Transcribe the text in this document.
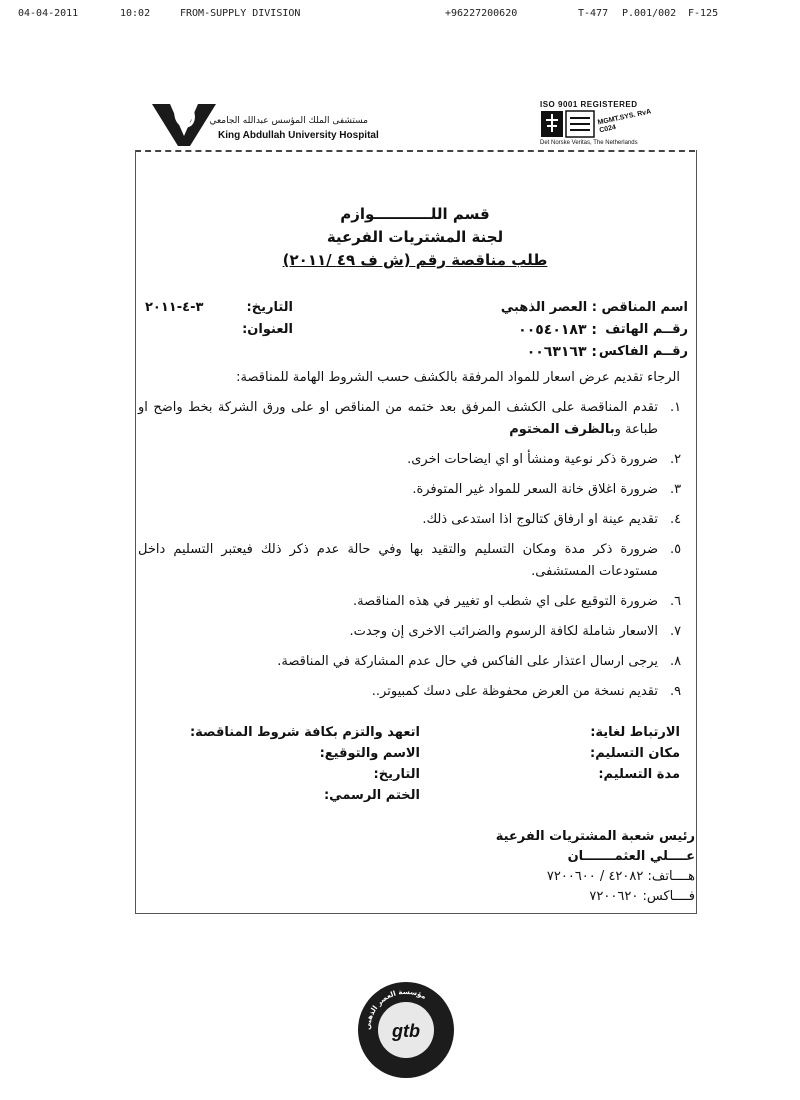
04-04-2011	10:02	FROM-SUPPLY DIVISION	+96227200620	T-477 P.001/002 F-125
مستشفى الملك المؤسس عبدالله الجامعي
King Abdullah University Hospital
ISO 9001 REGISTERED
MGMT.SYS. RvA C024
Det Norske Veritas, The Netherlands
قسم اللـــــــــــوازم
لجنة المشتريات الفرعية
طلب مناقصة رقم (ش ف ٤٩ /٢٠١١)
اسم المناقص
: العصر الذهبي
رقــم الهاتف
: ٠٠٥٤٠١٨٣
رقــم الفاكس
: ٠٠٦٣١٦٣
التاريخ:
٣-٤-٢٠١١
العنوان:
الرجاء تقديم عرض اسعار للمواد المرفقة بالكشف حسب الشروط الهامة للمناقصة:
١.
تقدم المناقصة على الكشف المرفق بعد ختمه من المناقص او على ورق الشركة بخط واضح او طباعة وبالظرف المختوم
٢.
ضرورة ذكر نوعية ومنشأ او اي ايضاحات اخرى.
٣.
ضرورة اغلاق خانة السعر للمواد غير المتوفرة.
٤.
تقديم عينة او ارفاق كتالوج اذا استدعى ذلك.
٥.
ضرورة ذكر مدة ومكان التسليم والتقيد بها وفي حالة عدم ذكر ذلك فيعتبر التسليم داخل مستودعات المستشفى.
٦.
ضرورة التوقيع على اي شطب او تغيير في هذه المناقصة.
٧.
الاسعار شاملة لكافة الرسوم والضرائب الاخرى إن وجدت.
٨.
يرجى ارسال اعتذار على الفاكس في حال عدم المشاركة في المناقصة.
٩.
تقديم نسخة من العرض محفوظة على دسك كمبيوتر..
الارتباط لغاية:
مكان التسليم:
مدة التسليم:
اتعهد والتزم بكافة شروط المناقصة:
الاسم والتوقيع:
التاريخ:
الختم الرسمي:
رئيس شعبة المشتريات الفرعية
عــــلي العثمـــــــان
هــــاتف: ٤٢٠٨٢ / ٧٢٠٠٦٠٠
فــــاكس: ٧٢٠٠٦٢٠
مؤسسة العصر الذهبي
gtb
